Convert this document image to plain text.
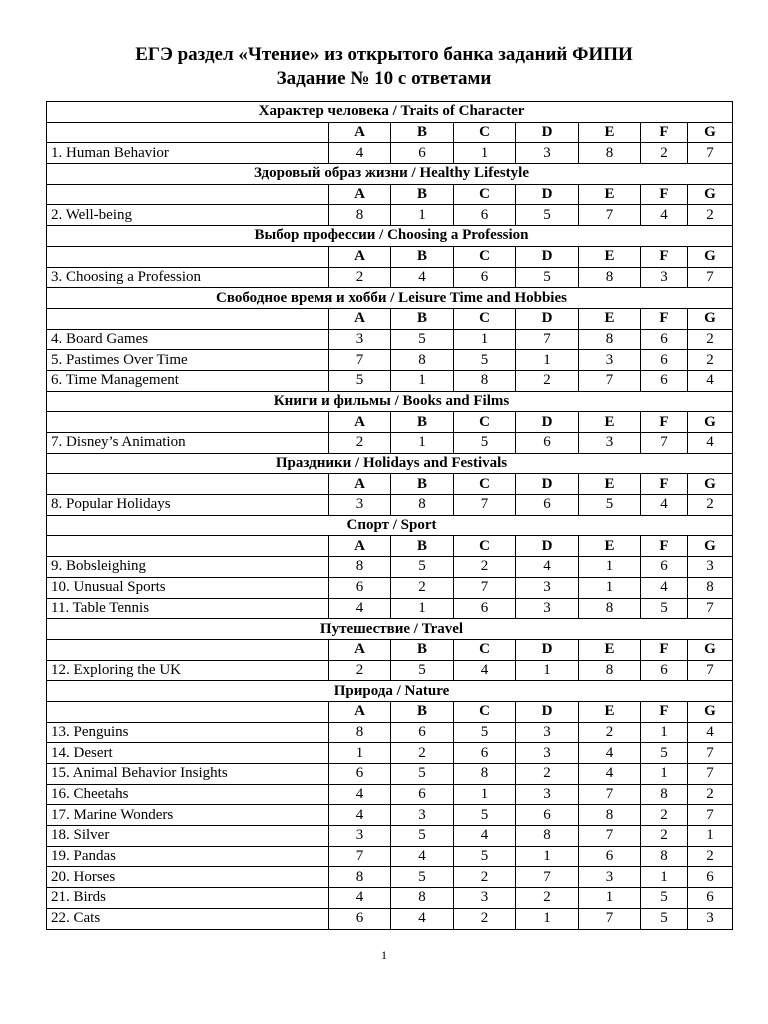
ЕГЭ раздел «Чтение» из открытого банка заданий ФИПИ
Задание № 10 с ответами
Характер человека / Traits of Character							
	A	B	C	D	E	F	G
1. Human Behavior	4	6	1	3	8	2	7
Здоровый образ жизни / Healthy Lifestyle							
	A	B	C	D	E	F	G
2. Well-being	8	1	6	5	7	4	2
Выбор профессии / Choosing a Profession							
	A	B	C	D	E	F	G
3. Choosing a Profession	2	4	6	5	8	3	7
Свободное время и хобби / Leisure Time and Hobbies							
	A	B	C	D	E	F	G
4. Board Games	3	5	1	7	8	6	2
5. Pastimes Over Time	7	8	5	1	3	6	2
6. Time Management	5	1	8	2	7	6	4
Книги и фильмы / Books and Films							
	A	B	C	D	E	F	G
7. Disney’s Animation	2	1	5	6	3	7	4
Праздники / Holidays and Festivals							
	A	B	C	D	E	F	G
8. Popular Holidays	3	8	7	6	5	4	2
Спорт / Sport							
	A	B	C	D	E	F	G
9. Bobsleighing	8	5	2	4	1	6	3
10. Unusual Sports	6	2	7	3	1	4	8
11. Table Tennis	4	1	6	3	8	5	7
Путешествие / Travel							
	A	B	C	D	E	F	G
12. Exploring the UK	2	5	4	1	8	6	7
Природа / Nature							
	A	B	C	D	E	F	G
13. Penguins	8	6	5	3	2	1	4
14. Desert	1	2	6	3	4	5	7
15. Animal Behavior Insights	6	5	8	2	4	1	7
16. Cheetahs	4	6	1	3	7	8	2
17. Marine Wonders	4	3	5	6	8	2	7
18. Silver	3	5	4	8	7	2	1
19. Pandas	7	4	5	1	6	8	2
20. Horses	8	5	2	7	3	1	6
21. Birds	4	8	3	2	1	5	6
22. Cats	6	4	2	1	7	5	3
1
